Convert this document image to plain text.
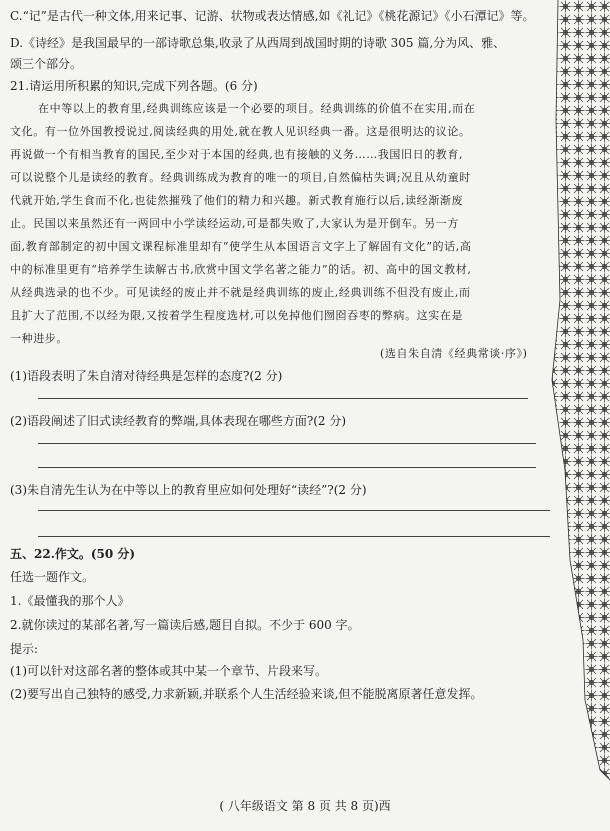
C.“记”是古代一种文体,用来记事、记游、状物或表达情感,如《礼记》《桃花源记》《小石潭记》等。
D.《诗经》是我国最早的一部诗歌总集,收录了从西周到战国时期的诗歌 305 篇,分为风、雅、
颂三个部分。
21.请运用所积累的知识,完成下列各题。(6 分)
在中等以上的教育里,经典训练应该是一个必要的项目。经典训练的价值不在实用,而在
文化。有一位外国教授说过,阅读经典的用处,就在教人见识经典一番。这是很明达的议论。
再说做一个有相当教育的国民,至少对于本国的经典,也有接触的义务……我国旧日的教育,
可以说整个儿是读经的教育。经典训练成为教育的唯一的项目,自然偏枯失调;况且从幼童时
代就开始,学生食而不化,也徒然摧残了他们的精力和兴趣。新式教育施行以后,读经渐渐废
止。民国以来虽然还有一两回中小学读经运动,可是都失败了,大家认为是开倒车。另一方
面,教育部制定的初中国文课程标准里却有“使学生从本国语言文字上了解固有文化”的话,高
中的标准里更有“培养学生读解古书,欣赏中国文学名著之能力”的话。初、高中的国文教材,
从经典选录的也不少。可见读经的废止并不就是经典训练的废止,经典训练不但没有废止,而
且扩大了范围,不以经为限,又按着学生程度选材,可以免掉他们囫囵吞枣的弊病。这实在是
一种进步。
(选自朱自清《经典常谈·序》)
(1)语段表明了朱自清对待经典是怎样的态度?(2 分)
(2)语段阐述了旧式读经教育的弊端,具体表现在哪些方面?(2 分)
(3)朱自清先生认为在中等以上的教育里应如何处理好“读经”?(2 分)
五、22.作文。(50 分)
任选一题作文。
1.《最懂我的那个人》
2.就你读过的某部名著,写一篇读后感,题目自拟。不少于 600 字。
提示:
(1)可以针对这部名著的整体或其中某一个章节、片段来写。
(2)要写出自己独特的感受,力求新颖,并联系个人生活经验来谈,但不能脱离原著任意发挥。
( 八年级语文 第 8 页 共 8 页)西
